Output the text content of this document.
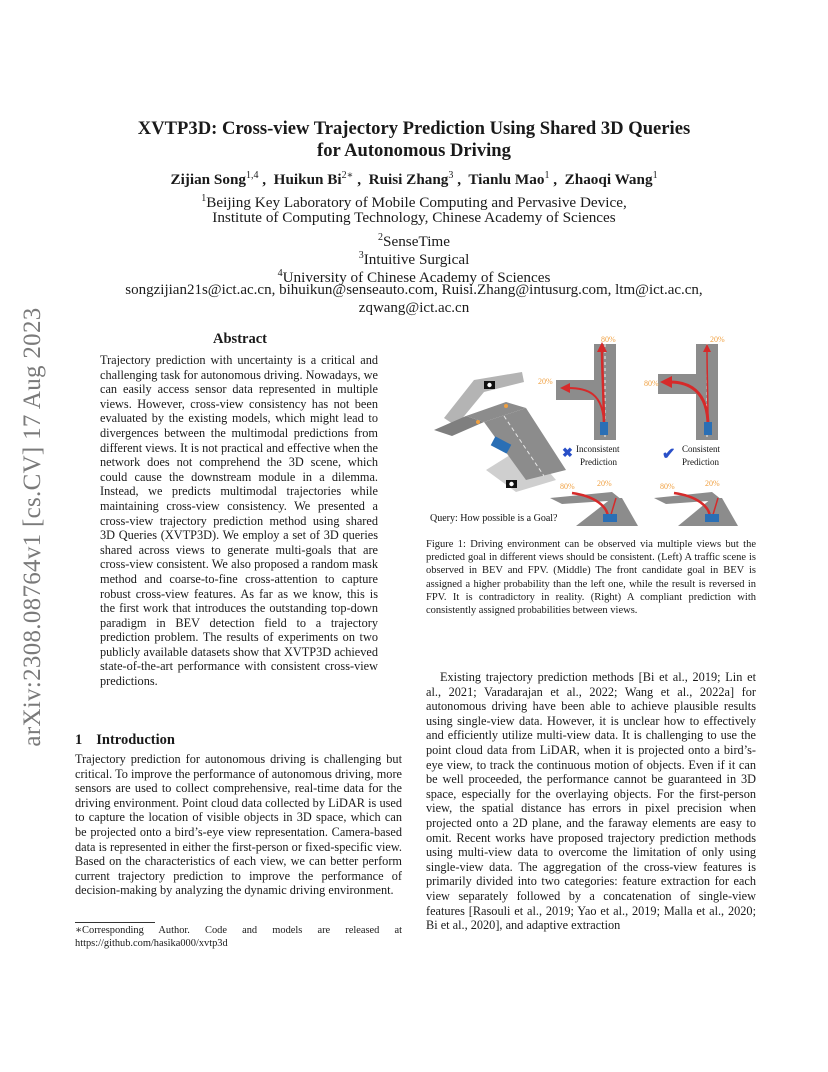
arXiv:2308.08764v1 [cs.CV] 17 Aug 2023
XVTP3D: Cross-view Trajectory Prediction Using Shared 3D Queries
for Autonomous Driving
Zijian Song$^{1,4}$ ,  Huikun $Bi^{2∗}$ ,  Ruisi Zhang$^3$ ,  Tianlu Mao$^1$ ,  Zhaoqi Wang$^1$
$^1$Beijing Key Laboratory of Mobile Computing and Pervasive Device,
Institute of Computing Technology, Chinese Academy of Sciences
$^2$SenseTime
$^3$Intuitive Surgical
$^4$University of Chinese Academy of Sciences
songzijian21s@ict.ac.cn, bihuikun@senseauto.com, Ruisi.Zhang@intusurg.com, ltm@ict.ac.cn,
zqwang@ict.ac.cn
Abstract

Trajectory prediction with uncertainty is a critical and challenging task for autonomous driving. Nowadays, we can easily access sensor data represented in multiple views. However, cross-view consistency has not been evaluated by the existing models, which might lead to divergences between the multimodal predictions from different views. It is not practical and effective when the network does not comprehend the 3D scene, which could cause the downstream module in a dilemma. Instead, we predicts multimodal trajectories while maintaining cross-view consistency. We presented a cross-view trajectory prediction method using shared 3D Queries (XVTP3D). We employ a set of 3D queries shared across views to generate multi-goals that are cross-view consistent. We also proposed a random mask method and coarse-to-fine cross-attention to capture robust cross-view features. As far as we know, this is the first work that introduces the outstanding top-down paradigm in BEV detection field to a trajectory prediction problem. The results of experiments on two publicly available datasets show that XVTP3D achieved state-of-the-art performance with consistent cross-view predictions.

1 Introduction

Trajectory prediction for autonomous driving is challenging but critical. To improve the performance of autonomous driving, more sensors are used to collect comprehensive, real-time data for the driving environment. Point cloud data collected by LiDAR is used to capture the location of visible objects in 3D space, which can be projected onto a bird’s-eye view representation. Camera-based data is represented in either the first-person or fixed-specific view. Based on the characteristics of each view, we can better perform current trajectory prediction to improve the performance of decision-making by analyzing the dynamic driving environment.

∗Corresponding Author. Code and models are released at https://github.com/hasika000/xvtp3d

Query: How possible is a Goal?
80%
20%
20%
80%
✖ Inconsistent
Prediction	✔ Consistent
Prediction
80%	20%	80%	20%

Figure 1: Driving environment can be observed via multiple views but the predicted goal in different views should be consistent. (Left) A traffic scene is observed in BEV and FPV. (Middle) The front candidate goal in BEV is assigned a higher probability than the left one, while the result is reversed in FPV. It is contradictory in reality. (Right) A compliant prediction with consistently assigned probabilities between views.

Existing trajectory prediction methods [Bi et al., 2019; Lin et al., 2021; Varadarajan et al., 2022; Wang et al., 2022a] for autonomous driving have been able to achieve plausible results using single-view data. However, it is unclear how to effectively and efficiently utilize multi-view data. It is challenging to use the point cloud data from LiDAR, when it is projected onto a bird’s-eye view, to track the continuous motion of objects. Even if it can be well proceeded, the performance cannot be guaranteed in 3D space, especially for the overlaying objects. For the first-person view, the spatial distance has errors in pixel precision when projected onto a 2D plane, and the faraway elements are easy to omit. Recent works have proposed trajectory prediction methods using multi-view data to overcome the limitation of only using single-view data. The aggregation of the cross-view features is primarily divided into two categories: feature extraction for each view separately followed by a concatenation of single-view features [Rasouli et al., 2019; Yao et al., 2019; Malla et al., 2020; Bi et al., 2020], and adaptive extraction
